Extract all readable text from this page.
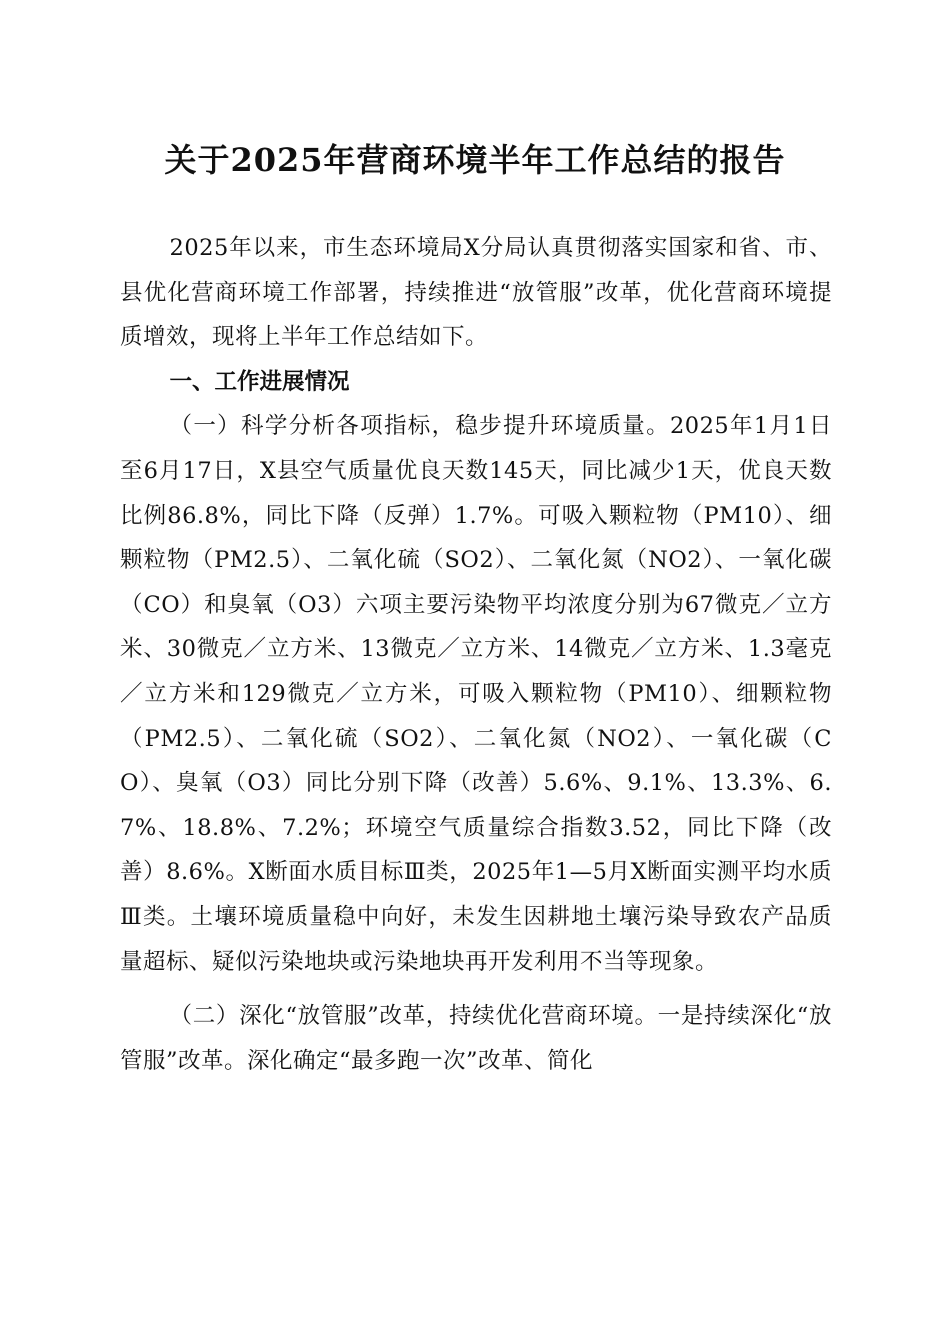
关于2025年营商环境半年工作总结的报告

2025年以来，市生态环境局X分局认真贯彻落实国家和省、市、县优化营商环境工作部署，持续推进“放管服”改革，优化营商环境提质增效，现将上半年工作总结如下。

一、工作进展情况

（一）科学分析各项指标，稳步提升环境质量。2025年1月1日至6月17日，X县空气质量优良天数145天，同比减少1天，优良天数比例86.8%，同比下降（反弹）1.7%。可吸入颗粒物（PM10）、细颗粒物（PM2.5）、二氧化硫（SO2）、二氧化氮（NO2）、一氧化碳（CO）和臭氧（O3）六项主要污染物平均浓度分别为67微克／立方米、30微克／立方米、13微克／立方米、14微克／立方米、1.3毫克／立方米和129微克／立方米，可吸入颗粒物（PM10）、细颗粒物（PM2.5）、二氧化硫（SO2）、二氧化氮（NO2）、一氧化碳（CO）、臭氧（O3）同比分别下降（改善）5.6%、9.1%、13.3%、6.7%、18.8%、7.2%；环境空气质量综合指数3.52，同比下降（改善）8.6%。X断面水质目标Ⅲ类，2025年1—5月X断面实测平均水质Ⅲ类。土壤环境质量稳中向好，未发生因耕地土壤污染导致农产品质量超标、疑似污染地块或污染地块再开发利用不当等现象。

（二）深化“放管服”改革，持续优化营商环境。一是持续深化“放管服”改革。深化确定“最多跑一次”改革、简化
